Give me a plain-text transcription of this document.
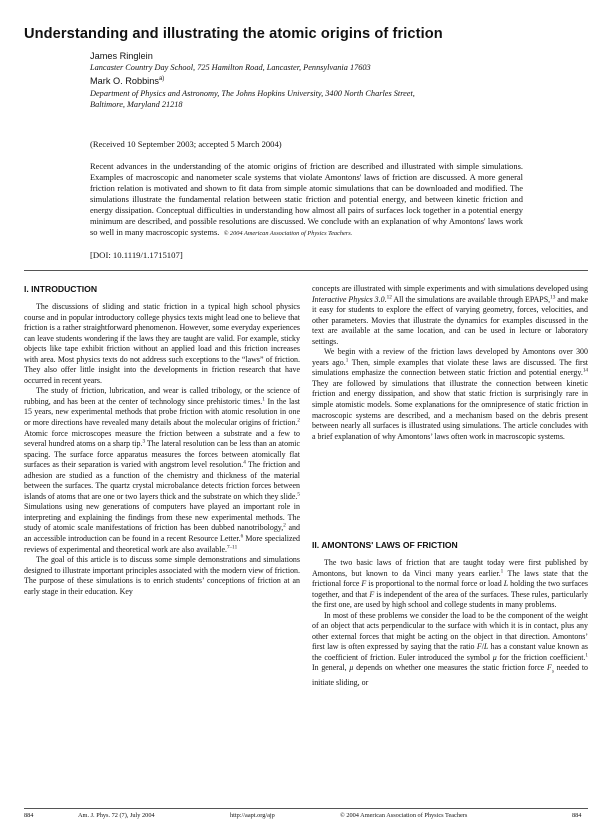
Understanding and illustrating the atomic origins of friction
James Ringlein
Lancaster Country Day School, 725 Hamilton Road, Lancaster, Pennsylvania 17603
Mark O. Robbins$^{a)}$
Department of Physics and Astronomy, The Johns Hopkins University, 3400 North Charles Street, Baltimore, Maryland 21218
(Received 10 September 2003; accepted 5 March 2004)
Recent advances in the understanding of the atomic origins of friction are described and illustrated with simple simulations. Examples of macroscopic and nanometer scale systems that violate Amontons' laws of friction are discussed. A more general friction relation is motivated and shown to fit data from simple atomic simulations that can be downloaded and modified. The simulations illustrate the fundamental relation between static friction and potential energy, and between kinetic friction and energy dissipation. Conceptual difficulties in understanding how almost all pairs of surfaces lock together in a potential energy minimum are described, and possible resolutions are discussed. We conclude with an explanation of why Amontons' laws work so well in many macroscopic systems. © 2004 American Association of Physics Teachers.
[DOI: 10.1119/1.1715107]
I. INTRODUCTION

The discussions of sliding and static friction in a typical high school physics course and in popular introductory college physics texts might lead one to believe that friction is a rather straightforward phenomenon. However, some everyday experiences can leave students wondering if the laws they are taught are valid. For example, sticky objects like tape exhibit friction without an applied load and this friction increases with area. Most physics texts do not address such exceptions to the “laws” of friction. They also offer little insight into the developments in friction research that have occurred in recent years.

The study of friction, lubrication, and wear is called tribology, or the science of rubbing, and has been at the center of technology since prehistoric times.$^1$ In the last 15 years, new experimental methods that probe friction with atomic resolution in one or more directions have revealed many details about the molecular origins of friction.$^2$ Atomic force microscopes measure the friction between a substrate and a few to several hundred atoms on a sharp tip.$^3$ The lateral resolution can be less than an atomic spacing. The surface force apparatus measures the forces between atomically flat surfaces as their separation is varied with angstrom level resolution.$^4$ The friction and adhesion are studied as a function of the chemistry and thickness of the material between the surfaces. The quartz crystal microbalance detects friction forces between islands of atoms that are one or two layers thick and the substrate on which they slide.$^5$ Simulations using new generations of computers have played an important role in interpreting and explaining the findings from these new experimental methods. The study of atomic scale manifestations of friction has been dubbed nanotribology,$^2$ and an accessible introduction can be found in a recent Resource Letter.$^6$ More specialized reviews of experimental and theoretical work are also available.$^{7-11}$

The goal of this article is to discuss some simple demonstrations and simulations designed to illustrate important principles associated with the modern view of friction. The purpose of these simulations is to enrich students’ conceptions of friction at an early stage in their education. Key

concepts are illustrated with simple experiments and with simulations developed using Interactive Physics 3.0.12 All the simulations are available through EPAPS,$^{13}$ and make it easy for students to explore the effect of varying geometry, forces, velocities, and other parameters. Movies that illustrate the dynamics for examples discussed in the text are available at the same location, and can be used in lecture or laboratory settings.

We begin with a review of the friction laws developed by Amontons over 300 years ago.$^1$ Then, simple examples that violate these laws are discussed. The first simulations emphasize the connection between static friction and potential energy.$^{14}$ They are followed by simulations that illustrate the connection between kinetic friction and energy dissipation, and show that static friction is surprisingly rare in simple atomistic models. Some explanations for the omnipresence of static friction in macroscopic systems are described, and a mechanism based on the debris present between nearly all surfaces is illustrated using simulations. The article concludes with a brief explanation of why Amontons’ laws often work in macroscopic systems.

II. AMONTONS' LAWS OF FRICTION

The two basic laws of friction that are taught today were first published by Amontons, but known to da Vinci many years earlier.$^1$ The laws state that the frictional force F is proportional to the normal force or load L holding the two surfaces together, and that F is independent of the area of the surfaces. These rules, particularly the first one, are used by high school and college students in many problems.

In most of these problems we consider the load to be the component of the weight of an object that acts perpendicular to the surface with which it is in contact, plus any other external forces that might be acting on the object in that direction. Amontons’ first law is often expressed by saying that the ratio F/L has a constant value known as the coefficient of friction. Euler introduced the symbol μ for the friction coefficient.$^1$ In general, μ depends on whether one measures the static friction force $F_s$ needed to initiate sliding, or

884	Am. J. Phys. 72 (7), July 2004	http://aapt.org/ajp	© 2004 American Association of Physics Teachers	884
